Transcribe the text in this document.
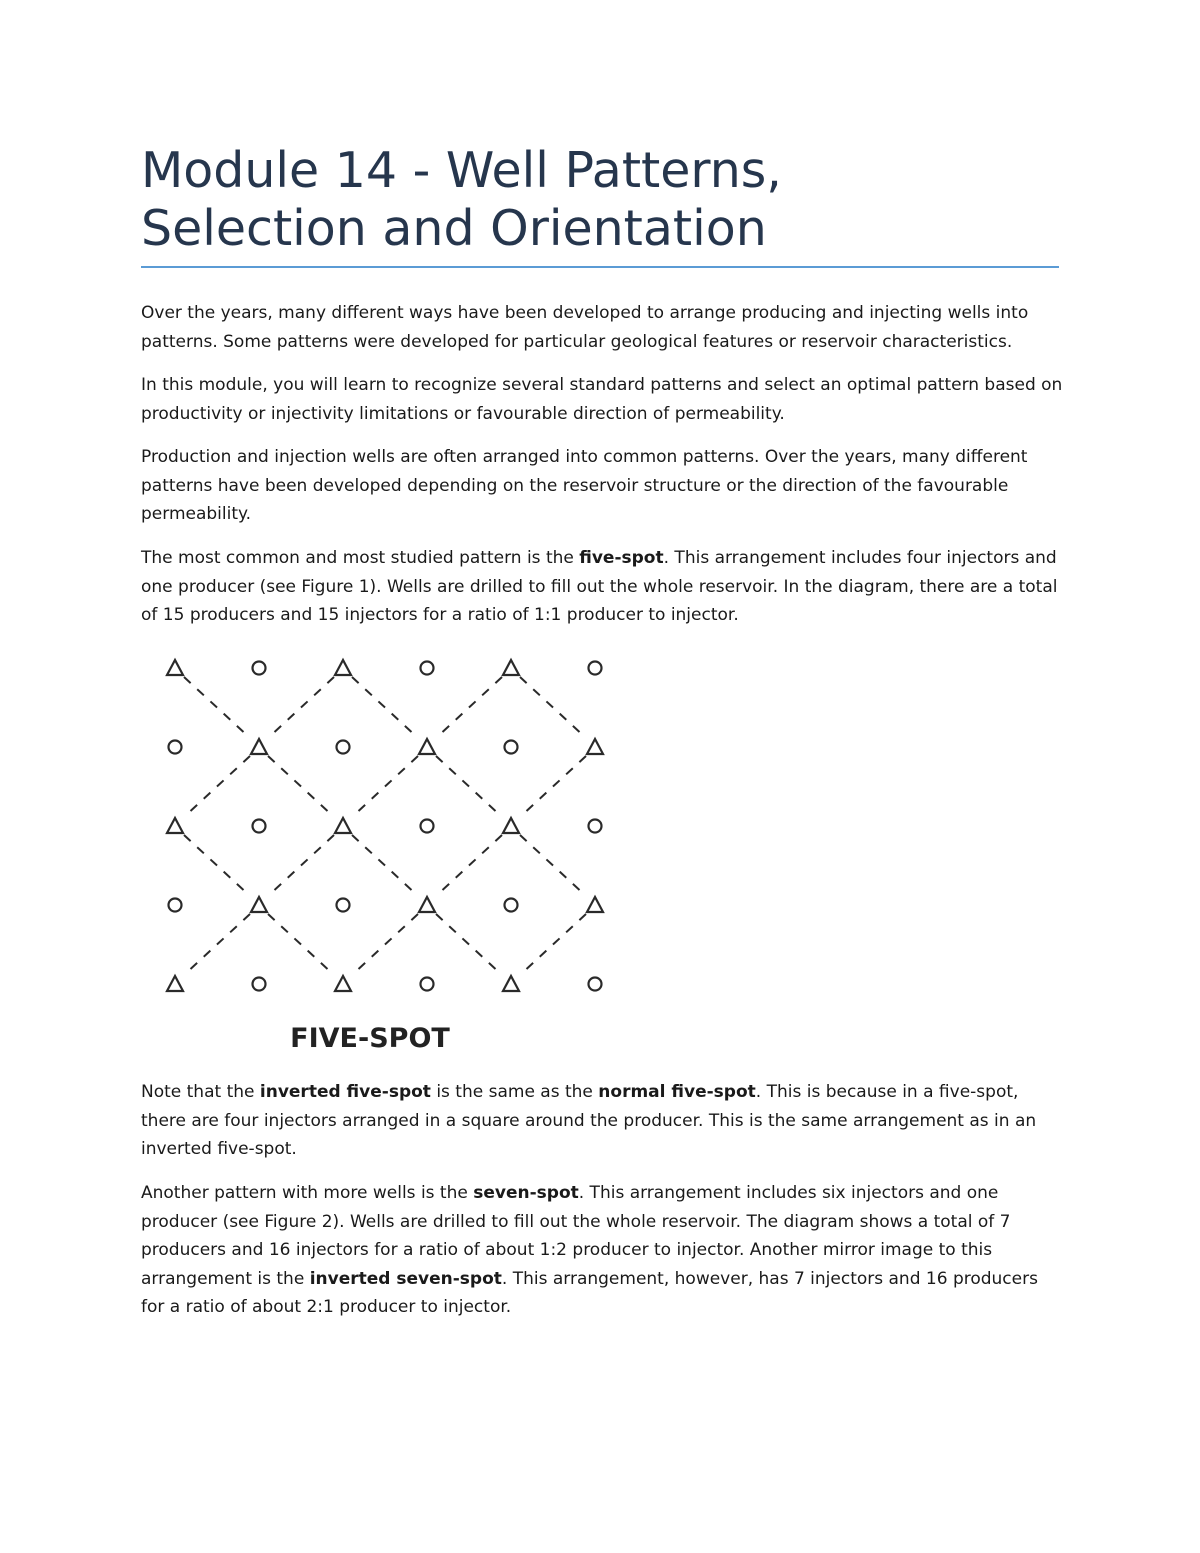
Module 14 - Well Patterns,
Selection and Orientation

Over the years, many different ways have been developed to arrange producing and injecting wells into patterns. Some patterns were developed for particular geological features or reservoir characteristics.

In this module, you will learn to recognize several standard patterns and select an optimal pattern based on productivity or injectivity limitations or favourable direction of permeability.

Production and injection wells are often arranged into common patterns. Over the years, many different patterns have been developed depending on the reservoir structure or the direction of the favourable permeability.

The most common and most studied pattern is the five-spot. This arrangement includes four injectors and one producer (see Figure 1). Wells are drilled to fill out the whole reservoir. In the diagram, there are a total of 15 producers and 15 injectors for a ratio of 1:1 producer to injector.

FIVE-SPOT

Note that the inverted five-spot is the same as the normal five-spot. This is because in a five-spot, there are four injectors arranged in a square around the producer. This is the same arrangement as in an inverted five-spot.

Another pattern with more wells is the seven-spot. This arrangement includes six injectors and one producer (see Figure 2). Wells are drilled to fill out the whole reservoir. The diagram shows a total of 7 producers and 16 injectors for a ratio of about 1:2 producer to injector. Another mirror image to this arrangement is the inverted seven-spot. This arrangement, however, has 7 injectors and 16 producers for a ratio of about 2:1 producer to injector.
